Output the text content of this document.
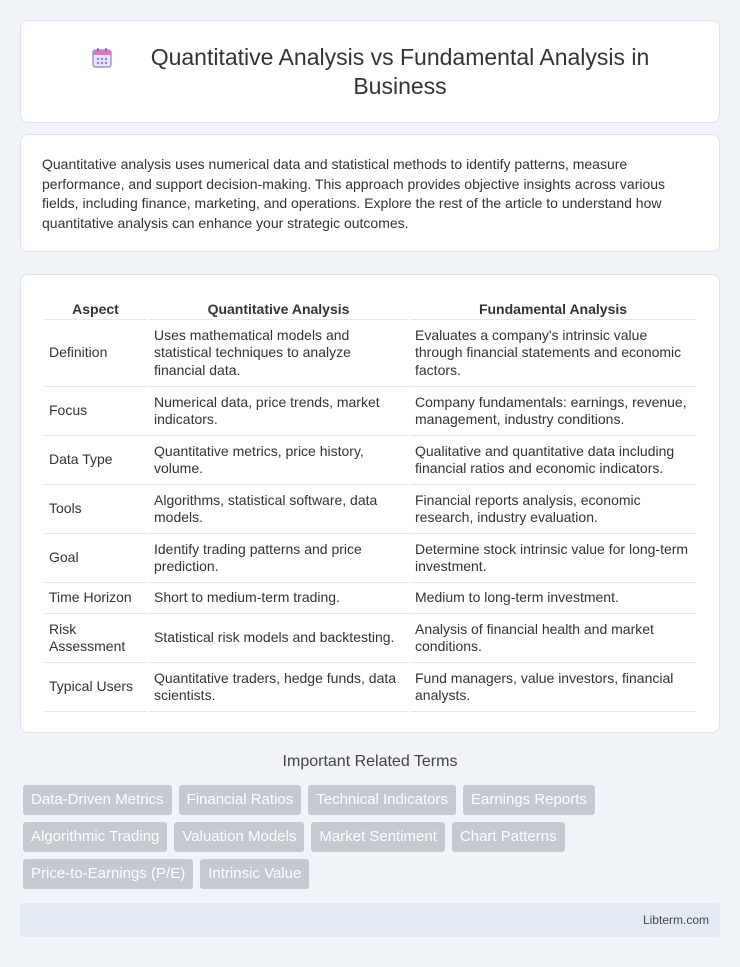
Quantitative Analysis vs Fundamental Analysis in Business

Quantitative analysis uses numerical data and statistical methods to identify patterns, measure performance, and support decision-making. This approach provides objective insights across various fields, including finance, marketing, and operations. Explore the rest of the article to understand how quantitative analysis can enhance your strategic outcomes.

Aspect	Quantitative Analysis	Fundamental Analysis
Definition	Uses mathematical models and statistical techniques to analyze financial data.	Evaluates a company's intrinsic value through financial statements and economic factors.
Focus	Numerical data, price trends, market indicators.	Company fundamentals: earnings, revenue, management, industry conditions.
Data Type	Quantitative metrics, price history, volume.	Qualitative and quantitative data including financial ratios and economic indicators.
Tools	Algorithms, statistical software, data models.	Financial reports analysis, economic research, industry evaluation.
Goal	Identify trading patterns and price prediction.	Determine stock intrinsic value for long-term investment.
Time Horizon	Short to medium-term trading.	Medium to long-term investment.
Risk Assessment	Statistical risk models and backtesting.	Analysis of financial health and market conditions.
Typical Users	Quantitative traders, hedge funds, data scientists.	Fund managers, value investors, financial analysts.
Important Related Terms
Data-Driven Metrics	Financial Ratios	Technical Indicators	Earnings Reports
Algorithmic Trading	Valuation Models	Market Sentiment	Chart Patterns
Price-to-Earnings (P/E)	Intrinsic Value
Libterm.com
